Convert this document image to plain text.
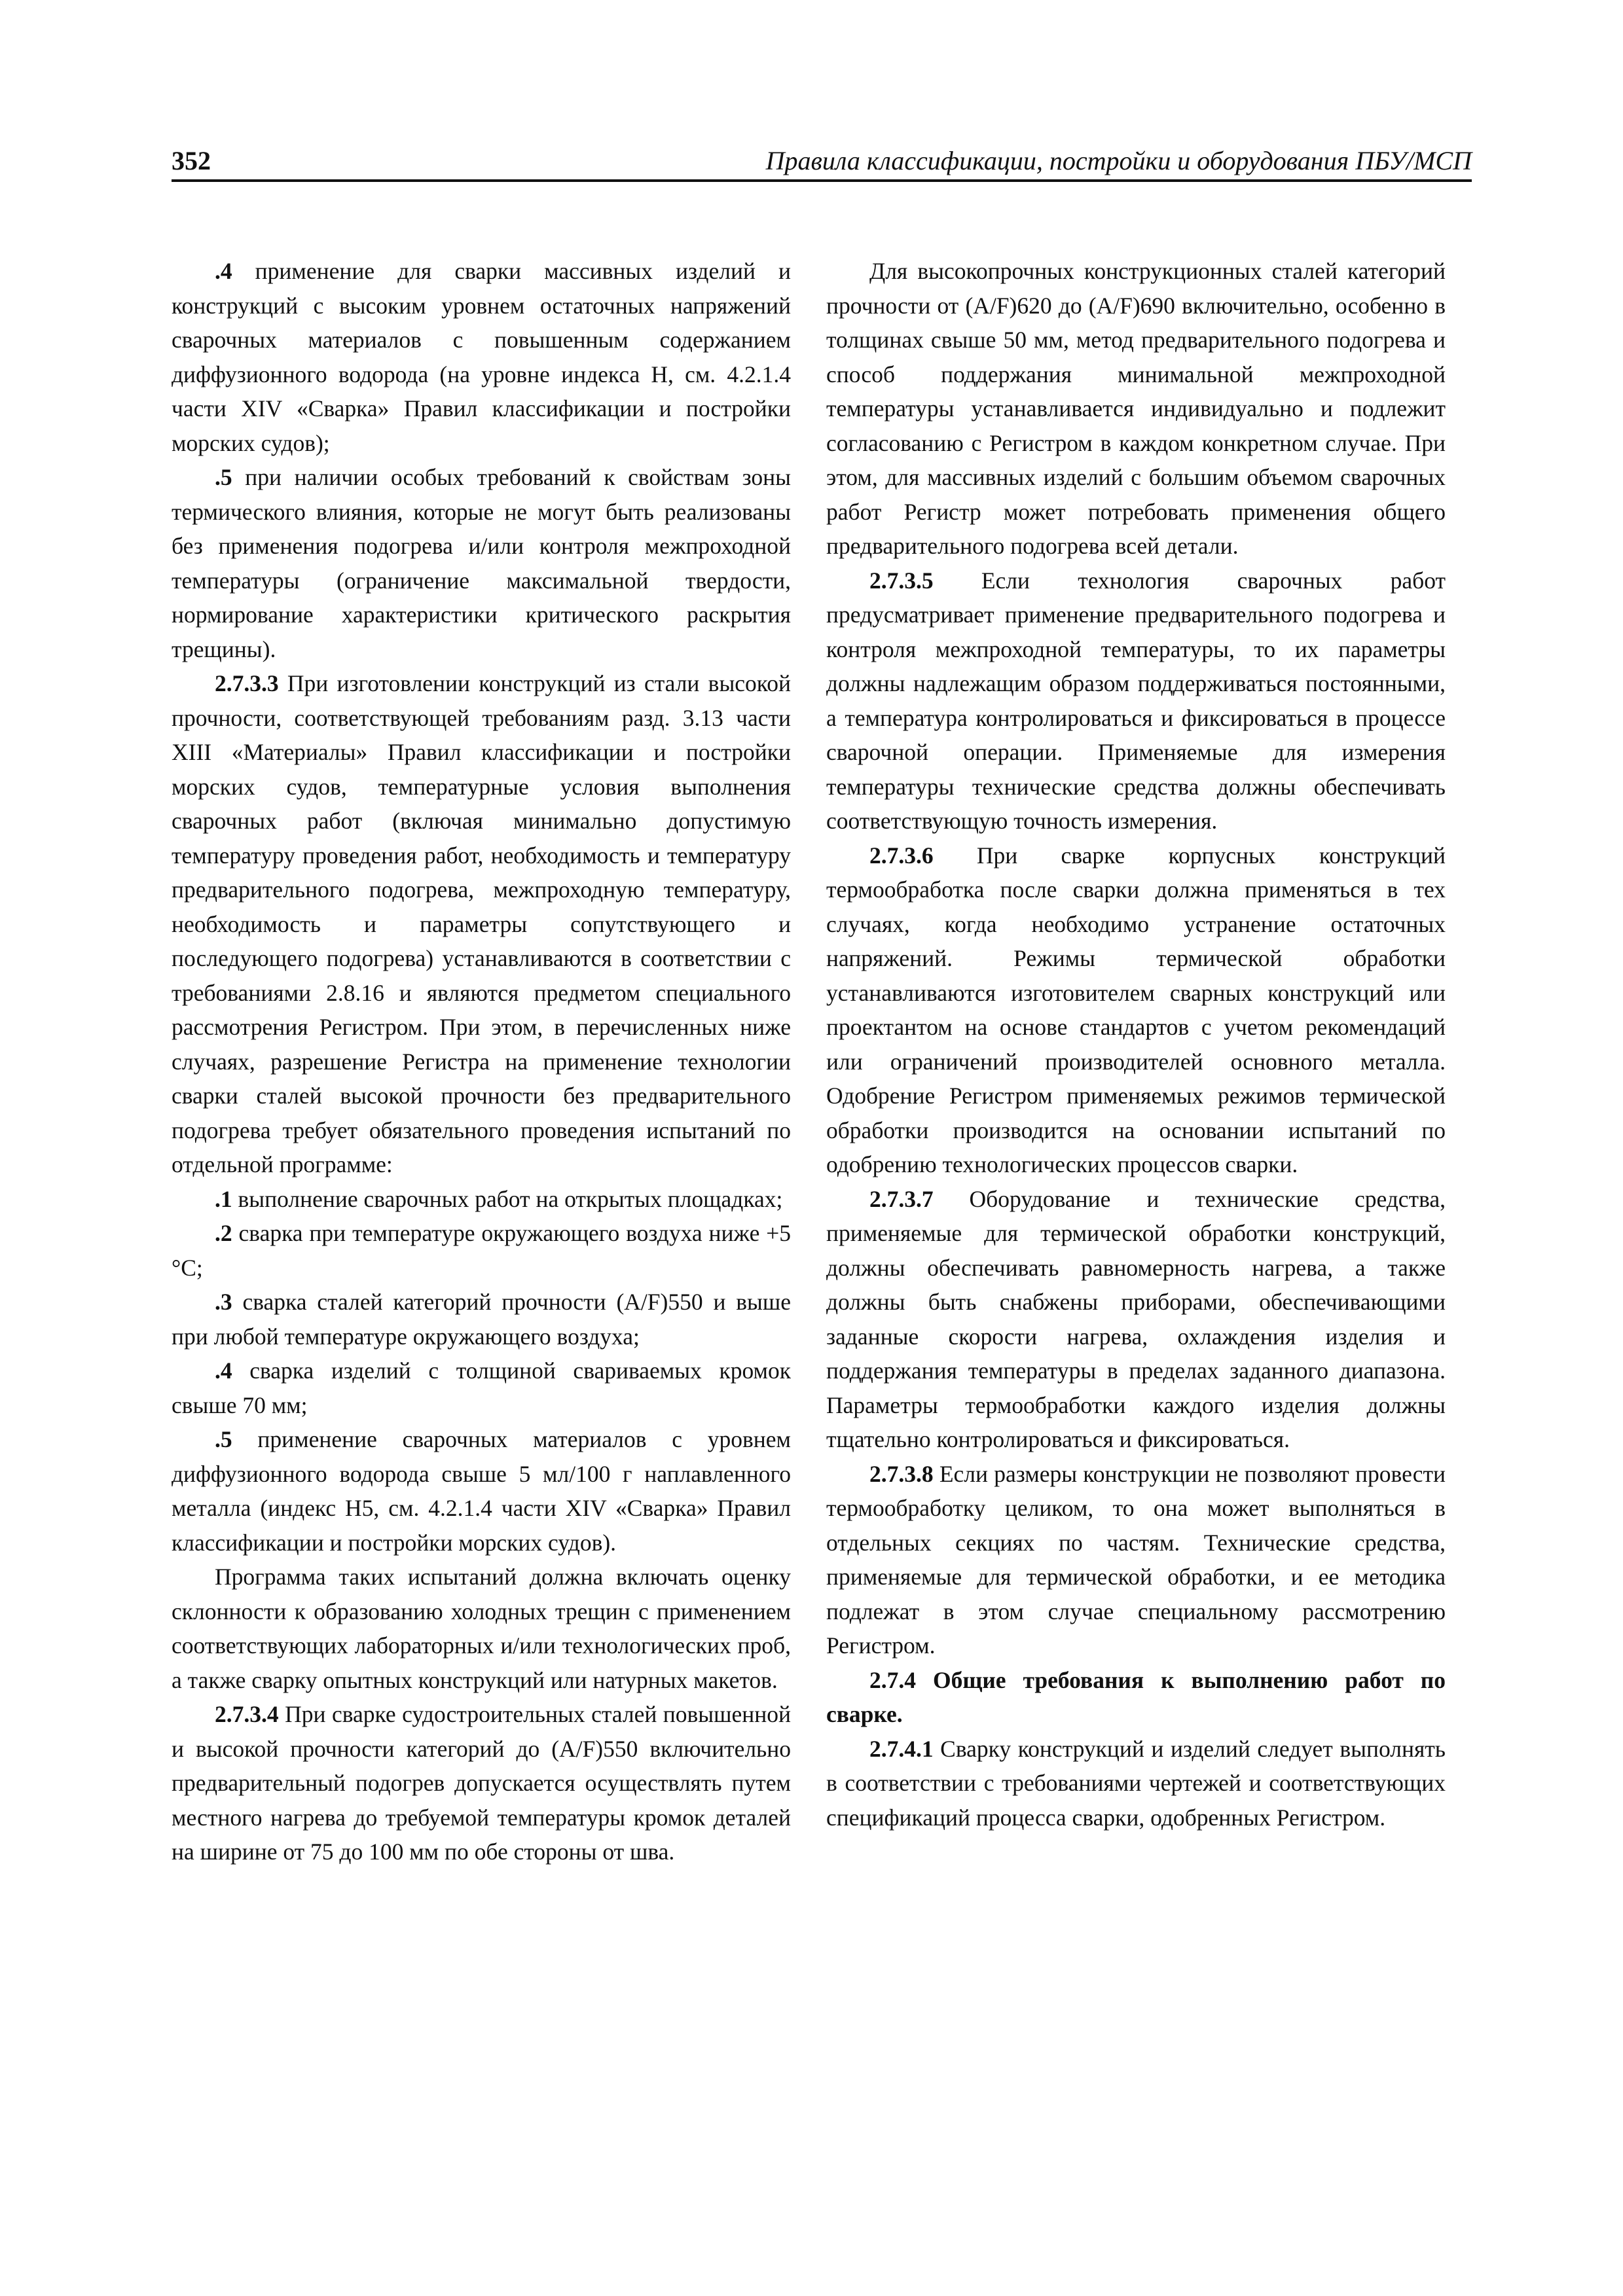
352	Правила классификации, постройки и оборудования ПБУ/МСП

.4 применение для сварки массивных изделий и конструкций с высоким уровнем остаточных напряжений сварочных материалов с повышенным содержанием диффузионного водорода (на уровне индекса H, см. 4.2.1.4 части XIV «Сварка» Правил классификации и постройки морских судов);

.5 при наличии особых требований к свойствам зоны термического влияния, которые не могут быть реализованы без применения подогрева и/или контроля межпроходной температуры (ограничение максимальной твердости, нормирование характеристики критического раскрытия трещины).

2.7.3.3 При изготовлении конструкций из стали высокой прочности, соответствующей требованиям разд. 3.13 части XIII «Материалы» Правил классификации и постройки морских судов, температурные условия выполнения сварочных работ (включая минимально допустимую температуру проведения работ, необходимость и температуру предварительного подогрева, межпроходную температуру, необходимость и параметры сопутствующего и последующего подогрева) устанавливаются в соответствии с требованиями 2.8.16 и являются предметом специального рассмотрения Регистром. При этом, в перечисленных ниже случаях, разрешение Регистра на применение технологии сварки сталей высокой прочности без предварительного подогрева требует обязательного проведения испытаний по отдельной программе:

.1 выполнение сварочных работ на открытых площадках;

.2 сварка при температуре окружающего воздуха ниже +5 °C;

.3 сварка сталей категорий прочности (A/F)550 и выше при любой температуре окружающего воздуха;

.4 сварка изделий с толщиной свариваемых кромок свыше 70 мм;

.5 применение сварочных материалов с уровнем диффузионного водорода свыше 5 мл/100 г наплавленного металла (индекс H5, см. 4.2.1.4 части XIV «Сварка» Правил классификации и постройки морских судов).

Программа таких испытаний должна включать оценку склонности к образованию холодных трещин с применением соответствующих лабораторных и/или технологических проб, а также сварку опытных конструкций или натурных макетов.

2.7.3.4 При сварке судостроительных сталей повышенной и высокой прочности категорий до (A/F)550 включительно предварительный подогрев допускается осуществлять путем местного нагрева до требуемой температуры кромок деталей на ширине от 75 до 100 мм по обе стороны от шва.

Для высокопрочных конструкционных сталей категорий прочности от (A/F)620 до (A/F)690 включительно, особенно в толщинах свыше 50 мм, метод предварительного подогрева и способ поддержания минимальной межпроходной температуры устанавливается индивидуально и подлежит согласованию с Регистром в каждом конкретном случае. При этом, для массивных изделий с большим объемом сварочных работ Регистр может потребовать применения общего предварительного подогрева всей детали.

2.7.3.5 Если технология сварочных работ предусматривает применение предварительного подогрева и контроля межпроходной температуры, то их параметры должны надлежащим образом поддерживаться постоянными, а температура контролироваться и фиксироваться в процессе сварочной операции. Применяемые для измерения температуры технические средства должны обеспечивать соответствующую точность измерения.

2.7.3.6 При сварке корпусных конструкций термообработка после сварки должна применяться в тех случаях, когда необходимо устранение остаточных напряжений. Режимы термической обработки устанавливаются изготовителем сварных конструкций или проектантом на основе стандартов с учетом рекомендаций или ограничений производителей основного металла. Одобрение Регистром применяемых режимов термической обработки производится на основании испытаний по одобрению технологических процессов сварки.

2.7.3.7 Оборудование и технические средства, применяемые для термической обработки конструкций, должны обеспечивать равномерность нагрева, а также должны быть снабжены приборами, обеспечивающими заданные скорости нагрева, охлаждения изделия и поддержания температуры в пределах заданного диапазона. Параметры термообработки каждого изделия должны тщательно контролироваться и фиксироваться.

2.7.3.8 Если размеры конструкции не позволяют провести термообработку целиком, то она может выполняться в отдельных секциях по частям. Технические средства, применяемые для термической обработки, и ее методика подлежат в этом случае специальному рассмотрению Регистром.

2.7.4 Общие требования к выполнению работ по сварке.

2.7.4.1 Сварку конструкций и изделий следует выполнять в соответствии с требованиями чертежей и соответствующих спецификаций процесса сварки, одобренных Регистром.
